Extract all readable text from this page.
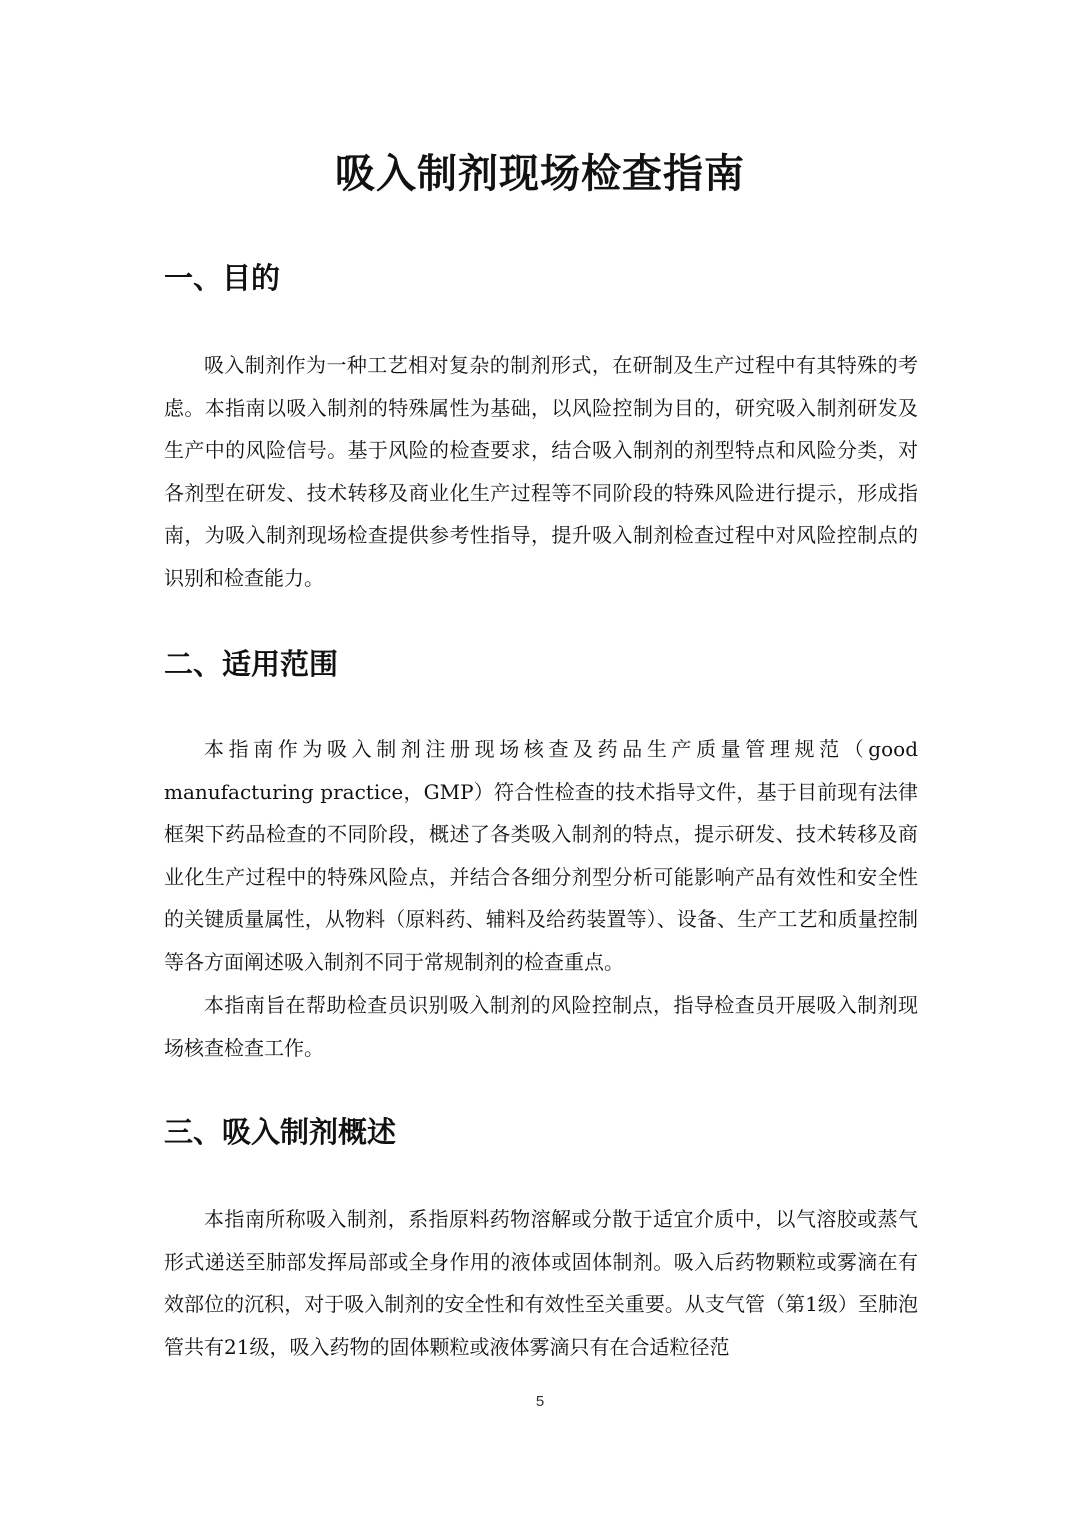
吸入制剂现场检查指南
一、目的

吸入制剂作为一种工艺相对复杂的制剂形式，在研制及生产过程中有其特殊的考虑。本指南以吸入制剂的特殊属性为基础，以风险控制为目的，研究吸入制剂研发及生产中的风险信号。基于风险的检查要求，结合吸入制剂的剂型特点和风险分类，对各剂型在研发、技术转移及商业化生产过程等不同阶段的特殊风险进行提示，形成指南，为吸入制剂现场检查提供参考性指导，提升吸入制剂检查过程中对风险控制点的识别和检查能力。

二、适用范围

本指南作为吸入制剂注册现场核查及药品生产质量管理规范（good manufacturing practice，GMP）符合性检查的技术指导文件，基于目前现有法律框架下药品检查的不同阶段，概述了各类吸入制剂的特点，提示研发、技术转移及商业化生产过程中的特殊风险点，并结合各细分剂型分析可能影响产品有效性和安全性的关键质量属性，从物料（原料药、辅料及给药装置等）、设备、生产工艺和质量控制等各方面阐述吸入制剂不同于常规制剂的检查重点。

本指南旨在帮助检查员识别吸入制剂的风险控制点，指导检查员开展吸入制剂现场核查检查工作。

三、吸入制剂概述

本指南所称吸入制剂，系指原料药物溶解或分散于适宜介质中，以气溶胶或蒸气形式递送至肺部发挥局部或全身作用的液体或固体制剂。吸入后药物颗粒或雾滴在有效部位的沉积，对于吸入制剂的安全性和有效性至关重要。从支气管（第1级）至肺泡管共有21级，吸入药物的固体颗粒或液体雾滴只有在合适粒径范

5
